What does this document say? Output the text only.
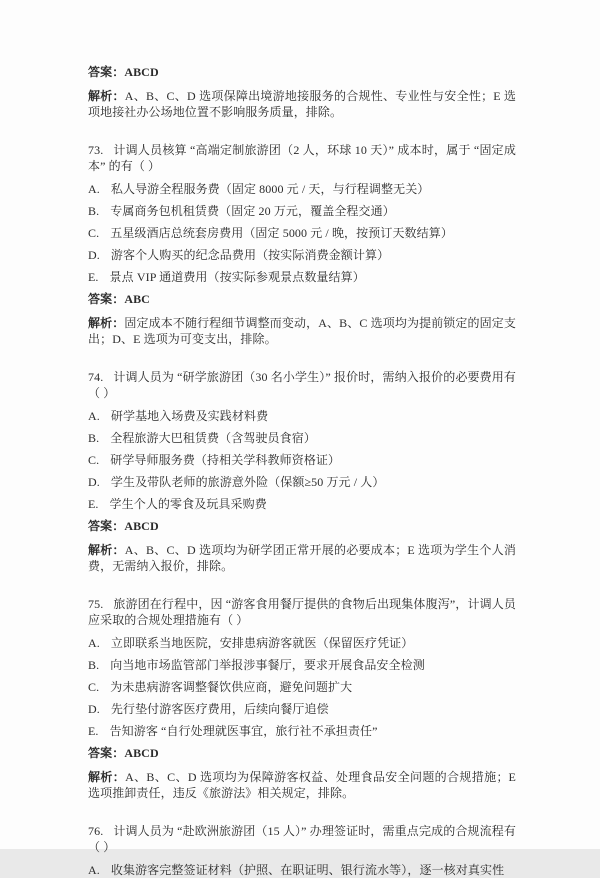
答案：ABCD

解析：A、B、C、D 选项保障出境游地接服务的合规性、专业性与安全性；E 选项地接社办公场地位置不影响服务质量，排除。

73. 计调人员核算 “高端定制旅游团（2 人，环球 10 天）” 成本时，属于 “固定成本” 的有（ ）

A. 私人导游全程服务费（固定 8000 元 / 天，与行程调整无关）

B. 专属商务包机租赁费（固定 20 万元，覆盖全程交通）

C. 五星级酒店总统套房费用（固定 5000 元 / 晚，按预订天数结算）

D. 游客个人购买的纪念品费用（按实际消费金额计算）

E. 景点 VIP 通道费用（按实际参观景点数量结算）

答案：ABC

解析：固定成本不随行程细节调整而变动，A、B、C 选项均为提前锁定的固定支出；D、E 选项为可变支出，排除。

74. 计调人员为 “研学旅游团（30 名小学生）” 报价时，需纳入报价的必要费用有（ ）

A. 研学基地入场费及实践材料费

B. 全程旅游大巴租赁费（含驾驶员食宿）

C. 研学导师服务费（持相关学科教师资格证）

D. 学生及带队老师的旅游意外险（保额≥50 万元 / 人）

E. 学生个人的零食及玩具采购费

答案：ABCD

解析：A、B、C、D 选项均为研学团正常开展的必要成本；E 选项为学生个人消费，无需纳入报价，排除。

75. 旅游团在行程中，因 “游客食用餐厅提供的食物后出现集体腹泻”，计调人员应采取的合规处理措施有（ ）

A. 立即联系当地医院，安排患病游客就医（保留医疗凭证）

B. 向当地市场监管部门举报涉事餐厅，要求开展食品安全检测

C. 为未患病游客调整餐饮供应商，避免问题扩大

D. 先行垫付游客医疗费用，后续向餐厅追偿

E. 告知游客 “自行处理就医事宜，旅行社不承担责任”

答案：ABCD

解析：A、B、C、D 选项均为保障游客权益、处理食品安全问题的合规措施；E 选项推卸责任，违反《旅游法》相关规定，排除。

76. 计调人员为 “赴欧洲旅游团（15 人）” 办理签证时，需重点完成的合规流程有（ ）

A. 收集游客完整签证材料（护照、在职证明、银行流水等），逐一核对真实性
